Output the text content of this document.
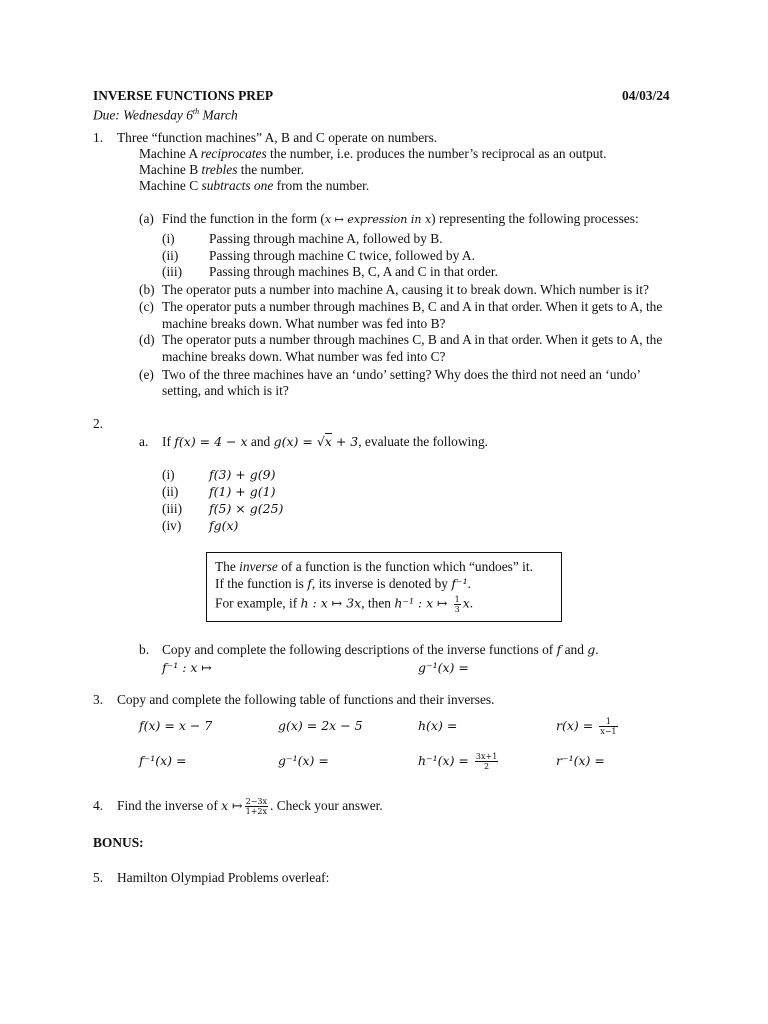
INVERSE FUNCTIONS PREP	04/03/24
Due: Wednesday 6th March
1. Three “function machines” A, B and C operate on numbers.
Machine A reciprocates the number, i.e. produces the number’s reciprocal as an output.
Machine B trebles the number.
Machine C subtracts one from the number.
(a) Find the function in the form (x ↦ expression in x) representing the following processes:
(i)	Passing through machine A, followed by B.
(ii) Passing through machine C twice, followed by A.
(iii) Passing through machines B, C, A and C in that order.
(b) The operator puts a number into machine A, causing it to break down. Which number is it?
(c) The operator puts a number through machines B, C and A in that order. When it gets to A, the
machine breaks down. What number was fed into B?
(d) The operator puts a number through machines C, B and A in that order. When it gets to A, the
machine breaks down. What number was fed into C?
(e) Two of the three machines have an ‘undo’ setting? Why does the third not need an ‘undo’
setting, and which is it?
2.
a. If f(x) = 4 − x and g(x) = √x + 3, evaluate the following.
(i)	f(3) + g(9)
(ii) f(1) + g(1)
(iii) f(5) × g(25)
(iv) fg(x)
The inverse of a function is the function which “undoes” it.
If the function is f, its inverse is denoted by f⁻¹.
For example, if h : x ↦ 3x, then h⁻¹ : x ↦ $\frac{1}{3} x$.
b. Copy and complete the following descriptions of the inverse functions of f and g.
f⁻¹ : x ↦	g⁻¹(x) =
3. Copy and complete the following table of functions and their inverses.
f(x) = x − 7	g(x) = 2x − 5	h(x) =	$r(x) = \frac{1}{x-1}$
f⁻¹(x) =	g⁻¹(x) =	$h^{-1}(x) = \frac{3x+1}{2}$	r⁻¹(x) =
4. Find the inverse of x ↦ $\frac{2-3x}{1+2x}$ . Check your answer.
BONUS:
5. Hamilton Olympiad Problems overleaf:
